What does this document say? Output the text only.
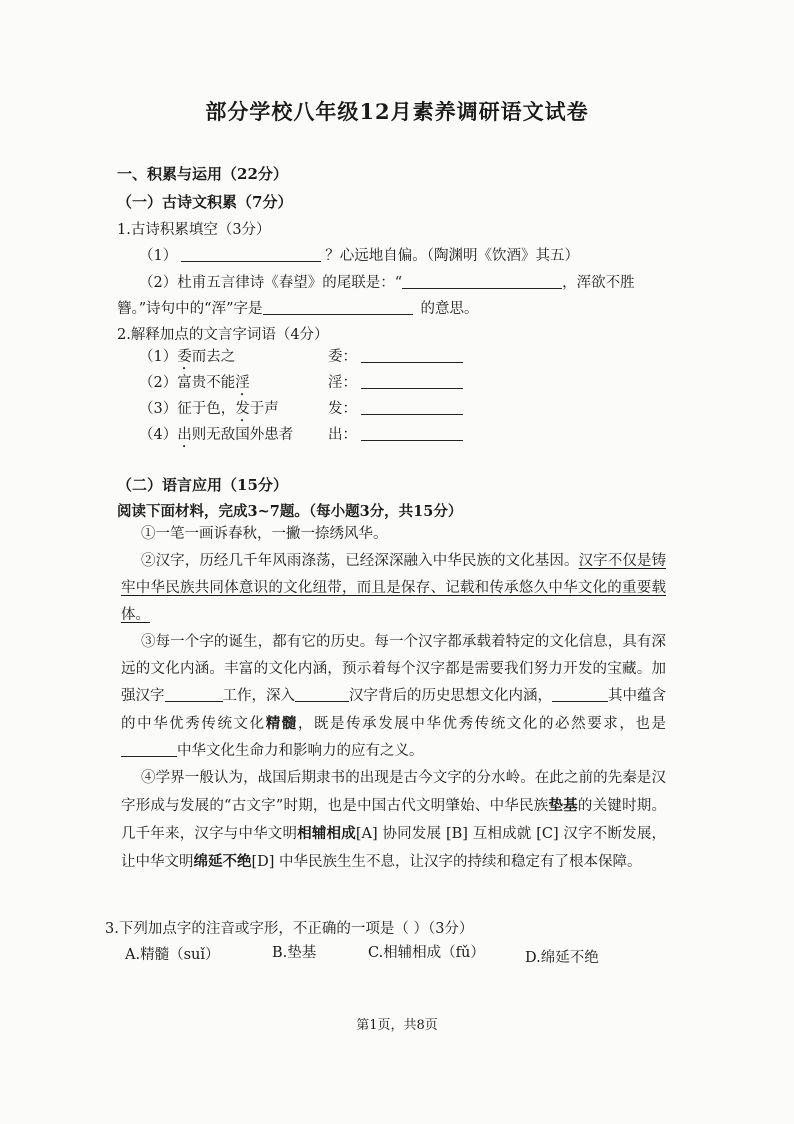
部分学校八年级12月素养调研语文试卷
一、积累与运用（22分）
（一）古诗文积累（7分）
1.古诗积累填空（3分）
（1）	？心远地自偏。（陶渊明《饮酒》其五）
（2）杜甫五言律诗《春望》的尾联是：“	，浑欲不胜
簪。”诗句中的“浑”字是	的意思。
2.解释加点的文言字词语（4分）
（1）委而去之	委：
（2）富贵不能淫	淫：
（3）征于色，发于声	发：
（4）出则无敌国外患者 出：
（二）语言应用（15分）
阅读下面材料，完成3~7题。（每小题3分，共15分）
①一笔一画诉春秋，一撇一捺绣风华。
②汉字，历经几千年风雨涤荡，已经深深融入中华民族的文化基因。汉字不仅是铸牢中华民族共同体意识的文化纽带，而且是保存、记载和传承悠久中华文化的重要载体。
③每一个字的诞生，都有它的历史。每一个汉字都承载着特定的文化信息，具有深远的文化内涵。丰富的文化内涵，预示着每个汉字都是需要我们努力开发的宝藏。加强汉字	工作，深入	汉字背后的历史思想文化内涵，	其中蕴含的中华优秀传统文化精髓，既是传承发展中华优秀传统文化的必然要求，也是中华文化生命力和影响力的应有之义。
④学界一般认为，战国后期隶书的出现是古今文字的分水岭。在此之前的先秦是汉字形成与发展的“古文字”时期，也是中国古代文明肇始、中华民族垫基的关键时期。几千年来，汉字与中华文明相辅相成[A] 协同发展 [B] 互相成就 [C] 汉字不断发展，让中华文明绵延不绝[D] 中华民族生生不息，让汉字的持续和稳定有了根本保障。
3.下列加点字的注音或字形，不正确的一项是（ ）（3分）
A.精髓（suǐ）	B.垫基	C.相辅相成（fǔ）	D.绵延不绝
第1页，共8页
